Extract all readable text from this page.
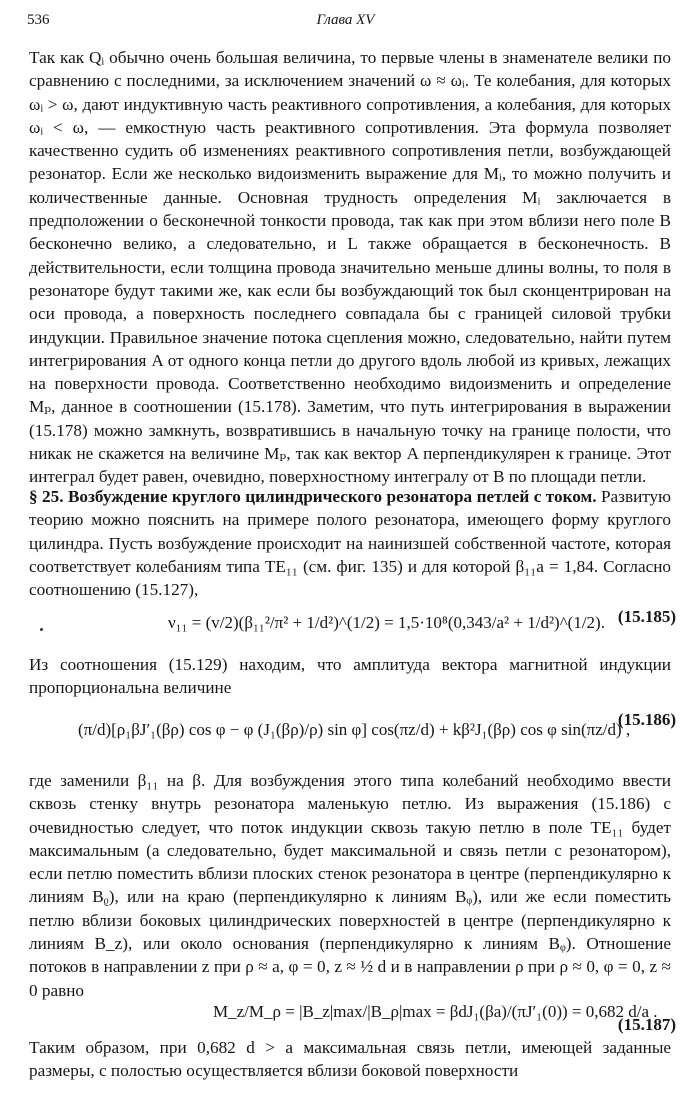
536	Глава XV

Так как Qᵢ обычно очень большая величина, то первые члены в знаменателе велики по сравнению с последними, за исключением значений ω ≈ ωᵢ. Те колебания, для которых ωᵢ > ω, дают индуктивную часть реактивного сопротивления, а колебания, для которых ωᵢ < ω, — емкостную часть реактивного сопротивления. Эта формула позволяет качественно судить об изменениях реактивного сопротивления петли, возбуждающей резонатор. Если же несколько видоизменить выражение для Mᵢ, то можно получить и количественные данные. Основная трудность определения Mᵢ заключается в предположении о бесконечной тонкости провода, так как при этом вблизи него поле B бесконечно велико, а следовательно, и L также обращается в бесконечность. В действительности, если толщина провода значительно меньше длины волны, то поля в резонаторе будут такими же, как если бы возбуждающий ток был сконцентрирован на оси провода, а поверхность последнего совпадала бы с границей силовой трубки индукции. Правильное значение потока сцепления можно, следовательно, найти путем интегрирования A от одного конца петли до другого вдоль любой из кривых, лежащих на поверхности провода. Соответственно необходимо видоизменить и определение Mₚ, данное в соотношении (15.178). Заметим, что путь интегрирования в выражении (15.178) можно замкнуть, возвратившись в начальную точку на границе полости, что никак не скажется на величине Mₚ, так как вектор A перпендикулярен к границе. Этот интеграл будет равен, очевидно, поверхностному интегралу от B по площади петли.

§ 25. Возбуждение круглого цилиндрического резонатора петлей с током. Развитую теорию можно пояснить на примере полого резонатора, имеющего форму круглого цилиндра. Пусть возбуждение происходит на наинизшей собственной частоте, которая соответствует колебаниям типа TE₁₁ (см. фиг. 135) и для которой β₁₁a = 1,84. Согласно соотношению (15.127),

ν₁₁ = (v/2)(β₁₁²/π² + 1/d²)^(1/2) = 1,5·10⁸(0,343/a² + 1/d²)^(1/2). (15.185)

Из соотношения (15.129) находим, что амплитуда вектора магнитной индукции пропорциональна величине

(π/d)[ρ₁βJ′₁(βρ) cos φ − φ (J₁(βρ)/ρ) sin φ] cos(πz/d) + kβ²J₁(βρ) cos φ sin(πz/d) ,
(15.186)

где заменили β₁₁ на β. Для возбуждения этого типа колебаний необходимо ввести сквозь стенку внутрь резонатора маленькую петлю. Из выражения (15.186) с очевидностью следует, что поток индукции сквозь такую петлю в поле TE₁₁ будет максимальным (а следовательно, будет максимальной и связь петли с резонатором), если петлю поместить вблизи плоских стенок резонатора в центре (перпендикулярно к линиям Bᵨ), или на краю (перпендикулярно к линиям Bᵩ), или же если поместить петлю вблизи боковых цилиндрических поверхностей в центре (перпендикулярно к линиям B_z), или около основания (перпендикулярно к линиям Bᵩ). Отношение потоков в направлении z при ρ ≈ a, φ = 0, z ≈ ½ d и в направлении ρ при ρ ≈ 0, φ = 0, z ≈ 0 равно

M_z/M_ρ = |B_z|max/|B_ρ|max = βdJ₁(βa)/(πJ′₁(0)) = 0,682 d/a .
(15.187)

Таким образом, при 0,682 d > a максимальная связь петли, имеющей заданные размеры, с полостью осуществляется вблизи боковой поверхности
